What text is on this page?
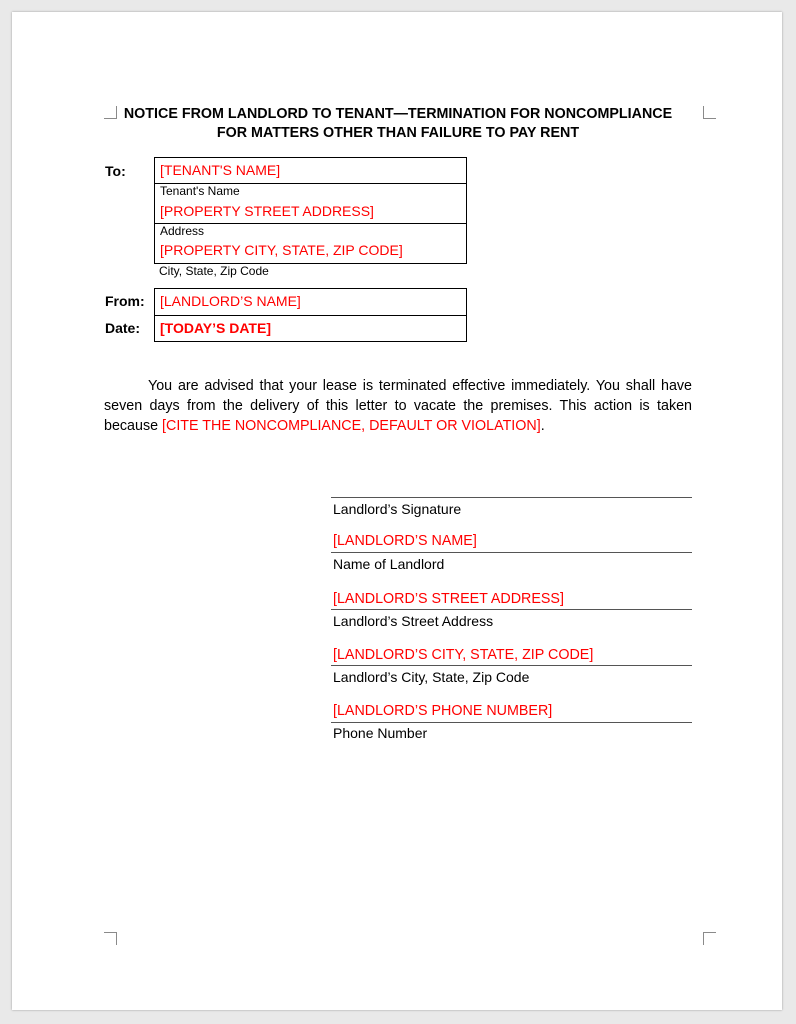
NOTICE FROM LANDLORD TO TENANT—TERMINATION FOR NONCOMPLIANCE
FOR MATTERS OTHER THAN FAILURE TO PAY RENT
To: [TENANT'S NAME]
Tenant's Name
[PROPERTY STREET ADDRESS]
Address
[PROPERTY CITY, STATE, ZIP CODE]
City, State, Zip Code
From:
Date:
[LANDLORD’S NAME]
[TODAY’S DATE]
You are advised that your lease is terminated effective immediately. You shall have seven days from the delivery of this letter to vacate the premises. This action is taken because [CITE THE NONCOMPLIANCE, DEFAULT OR VIOLATION].
Landlord’s Signature
[LANDLORD’S NAME]
Name of Landlord
[LANDLORD’S STREET ADDRESS]
Landlord’s Street Address
[LANDLORD’S CITY, STATE, ZIP CODE]
Landlord’s City, State, Zip Code
[LANDLORD’S PHONE NUMBER]
Phone Number
